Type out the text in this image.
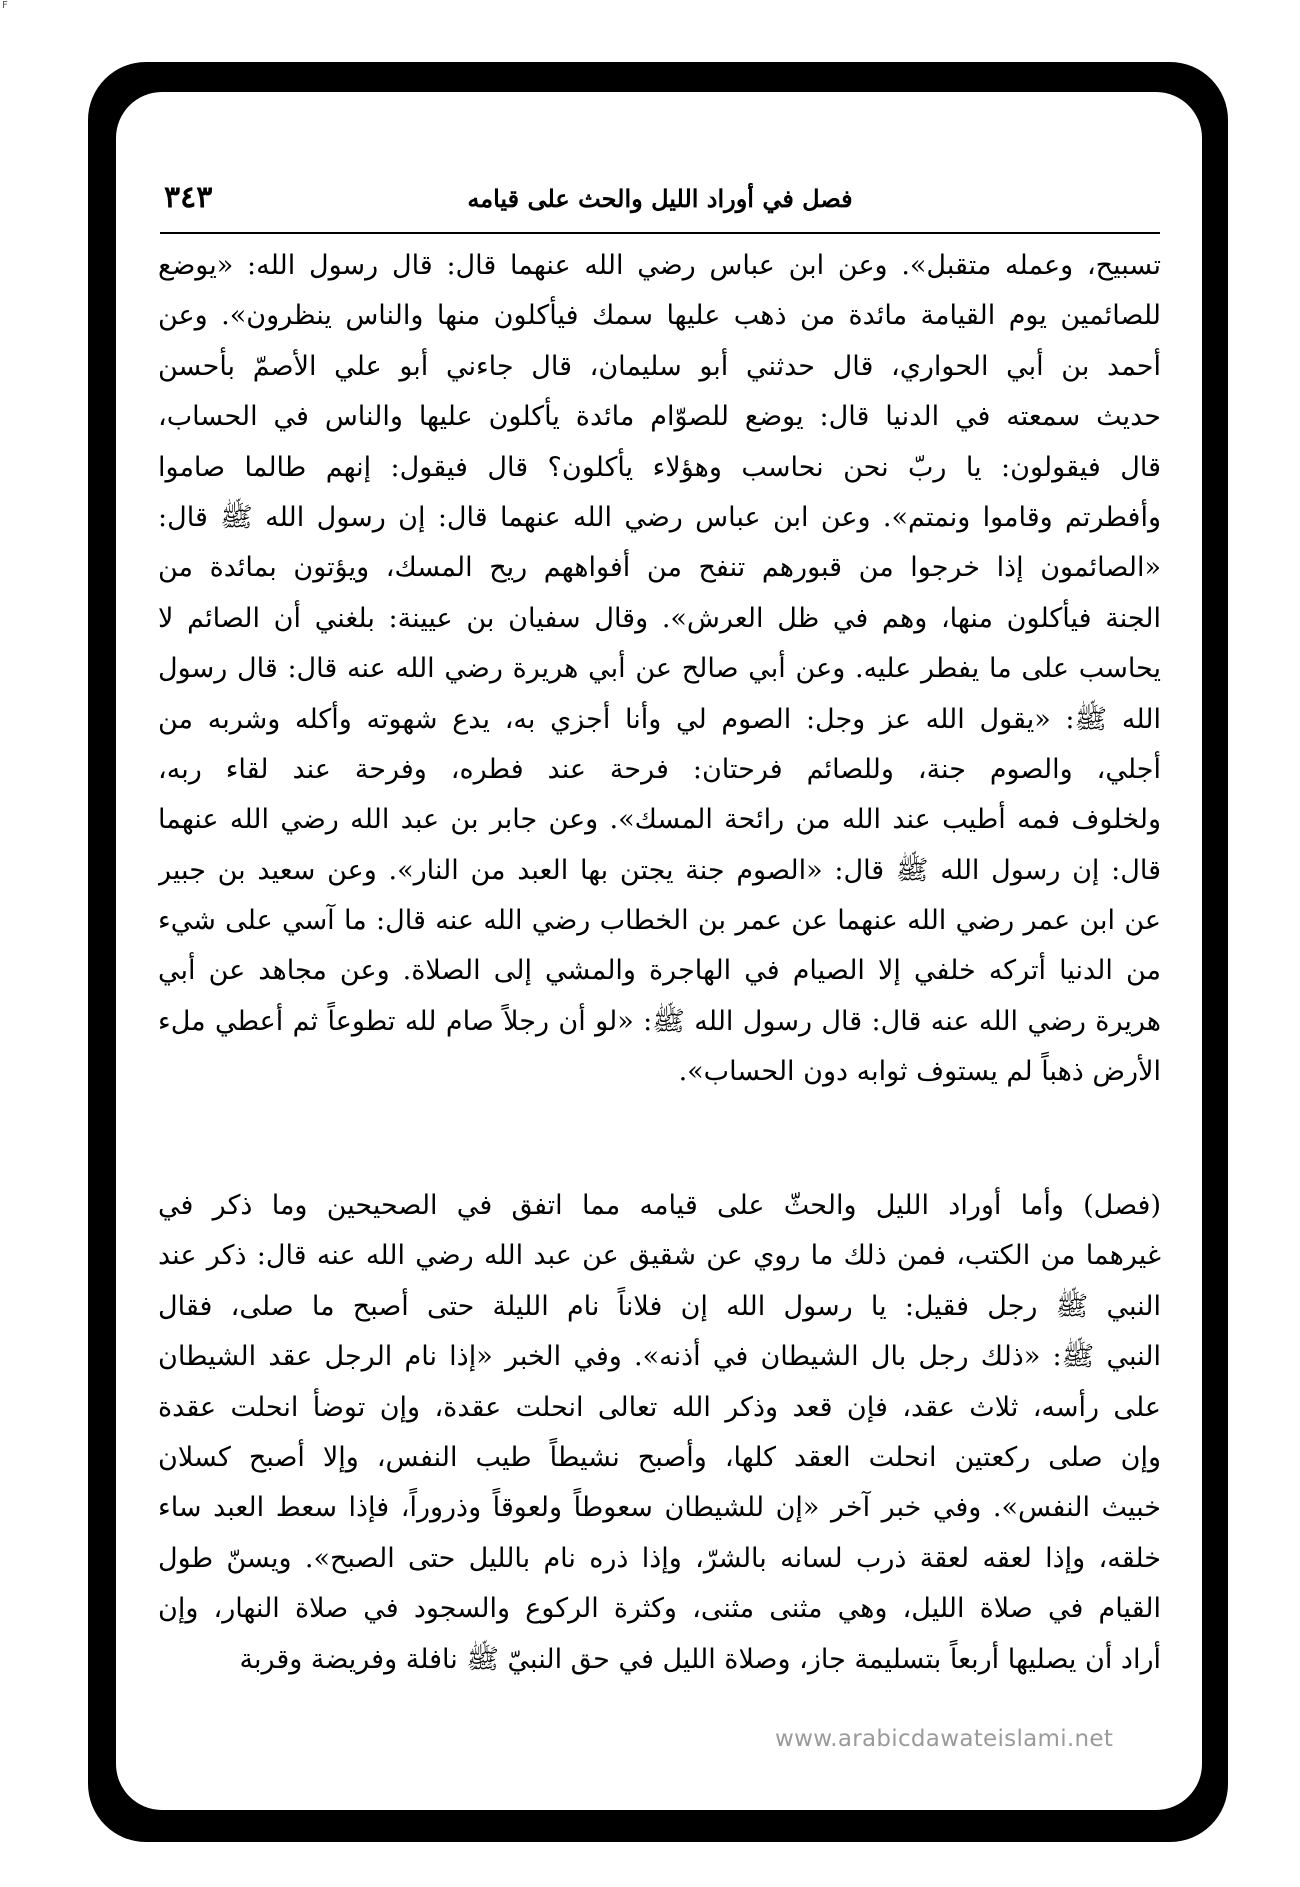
F
فصل في أوراد الليل والحث على قيامه
٣٤٣
تسبيح، وعمله متقبل». وعن ابن عباس رضي الله عنهما قال: قال رسول الله: «يوضع
للصائمين يوم القيامة مائدة من ذهب عليها سمك فيأكلون منها والناس ينظرون». وعن
أحمد بن أبي الحواري، قال حدثني أبو سليمان، قال جاءني أبو علي الأصمّ بأحسن
حديث سمعته في الدنيا قال: يوضع للصوّام مائدة يأكلون عليها والناس في الحساب،
قال فيقولون: يا ربّ نحن نحاسب وهؤلاء يأكلون؟ قال فيقول: إنهم طالما صاموا
وأفطرتم وقاموا ونمتم». وعن ابن عباس رضي الله عنهما قال: إن رسول الله ﷺ قال:
«الصائمون إذا خرجوا من قبورهم تنفح من أفواههم ريح المسك، ويؤتون بمائدة من
الجنة فيأكلون منها، وهم في ظل العرش». وقال سفيان بن عيينة: بلغني أن الصائم لا
يحاسب على ما يفطر عليه. وعن أبي صالح عن أبي هريرة رضي الله عنه قال: قال رسول
الله ﷺ: «يقول الله عز وجل: الصوم لي وأنا أجزي به، يدع شهوته وأكله وشربه من
أجلي، والصوم جنة، وللصائم فرحتان: فرحة عند فطره، وفرحة عند لقاء ربه،
ولخلوف فمه أطيب عند الله من رائحة المسك». وعن جابر بن عبد الله رضي الله عنهما
قال: إن رسول الله ﷺ قال: «الصوم جنة يجتن بها العبد من النار». وعن سعيد بن جبير
عن ابن عمر رضي الله عنهما عن عمر بن الخطاب رضي الله عنه قال: ما آسي على شيء
من الدنيا أتركه خلفي إلا الصيام في الهاجرة والمشي إلى الصلاة. وعن مجاهد عن أبي
هريرة رضي الله عنه قال: قال رسول الله ﷺ: «لو أن رجلاً صام لله تطوعاً ثم أعطي ملء
الأرض ذهباً لم يستوف ثوابه دون الحساب».
(فصل) وأما أوراد الليل والحثّ على قيامه مما اتفق في الصحيحين وما ذكر في
غيرهما من الكتب، فمن ذلك ما روي عن شقيق عن عبد الله رضي الله عنه قال: ذكر عند
النبي ﷺ رجل فقيل: يا رسول الله إن فلاناً نام الليلة حتى أصبح ما صلى، فقال
النبي ﷺ: «ذلك رجل بال الشيطان في أذنه». وفي الخبر «إذا نام الرجل عقد الشيطان
على رأسه، ثلاث عقد، فإن قعد وذكر الله تعالى انحلت عقدة، وإن توضأ انحلت عقدة
وإن صلى ركعتين انحلت العقد كلها، وأصبح نشيطاً طيب النفس، وإلا أصبح كسلان
خبيث النفس». وفي خبر آخر «إن للشيطان سعوطاً ولعوقاً وذروراً، فإذا سعط العبد ساء
خلقه، وإذا لعقه لعقة ذرب لسانه بالشرّ، وإذا ذره نام بالليل حتى الصبح». ويسنّ طول
القيام في صلاة الليل، وهي مثنى مثنى، وكثرة الركوع والسجود في صلاة النهار، وإن
أراد أن يصليها أربعاً بتسليمة جاز، وصلاة الليل في حق النبيّ ﷺ نافلة وفريضة وقربة
www.arabicdawateislami.net
